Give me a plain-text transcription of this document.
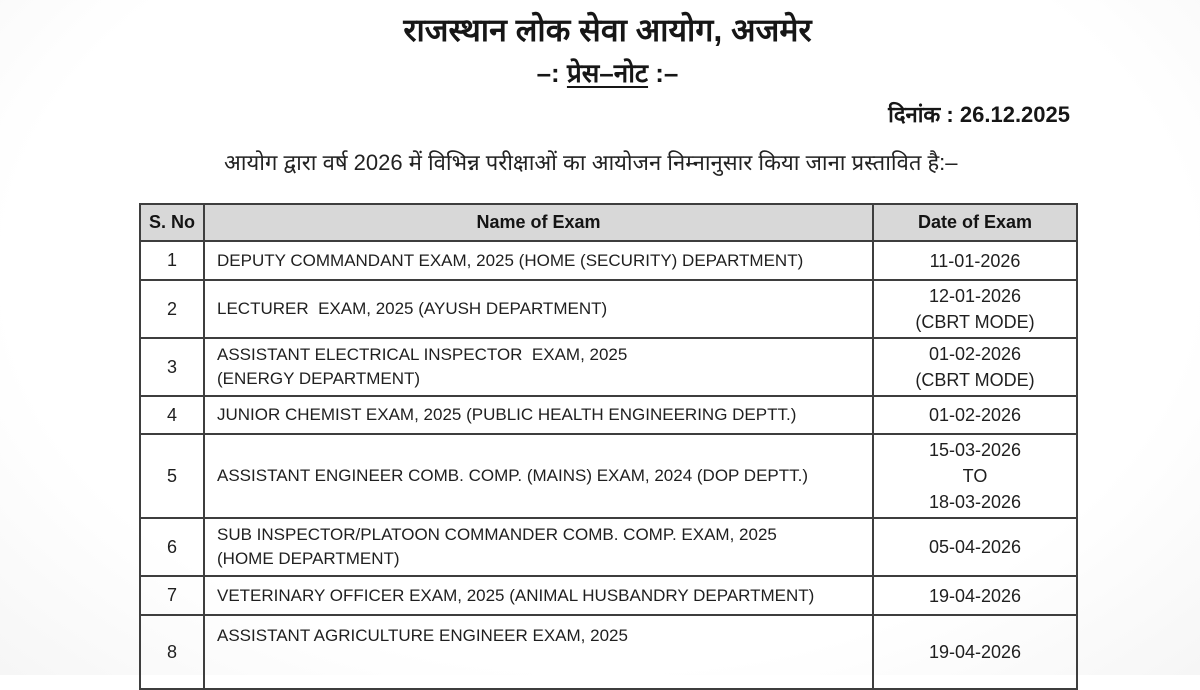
राजस्थान लोक सेवा आयोग, अजमेर
–: प्रेस–नोट :–
दिनांक : 26.12.2025

आयोग द्वारा वर्ष 2026 में विभिन्न परीक्षाओं का आयोजन निम्नानुसार किया जाना प्रस्तावित है:–

S. No	Name of Exam	Date of Exam
1	DEPUTY COMMANDANT EXAM, 2025 (HOME (SECURITY) DEPARTMENT)	11-01-2026

2	LECTURER  EXAM, 2025 (AYUSH DEPARTMENT)	12-01-2026
(CBRT MODE)

3	ASSISTANT ELECTRICAL INSPECTOR  EXAM, 2025
(ENERGY DEPARTMENT)	01-02-2026
(CBRT MODE)

4	JUNIOR CHEMIST EXAM, 2025 (PUBLIC HEALTH ENGINEERING DEPTT.)	01-02-2026

5	ASSISTANT ENGINEER COMB. COMP. (MAINS) EXAM, 2024 (DOP DEPTT.)	15-03-2026
TO
18-03-2026

6	SUB INSPECTOR/PLATOON COMMANDER COMB. COMP. EXAM, 2025
(HOME DEPARTMENT)	05-04-2026

7	VETERINARY OFFICER EXAM, 2025 (ANIMAL HUSBANDRY DEPARTMENT)	19-04-2026

8	ASSISTANT AGRICULTURE ENGINEER EXAM, 2025	19-04-2026
